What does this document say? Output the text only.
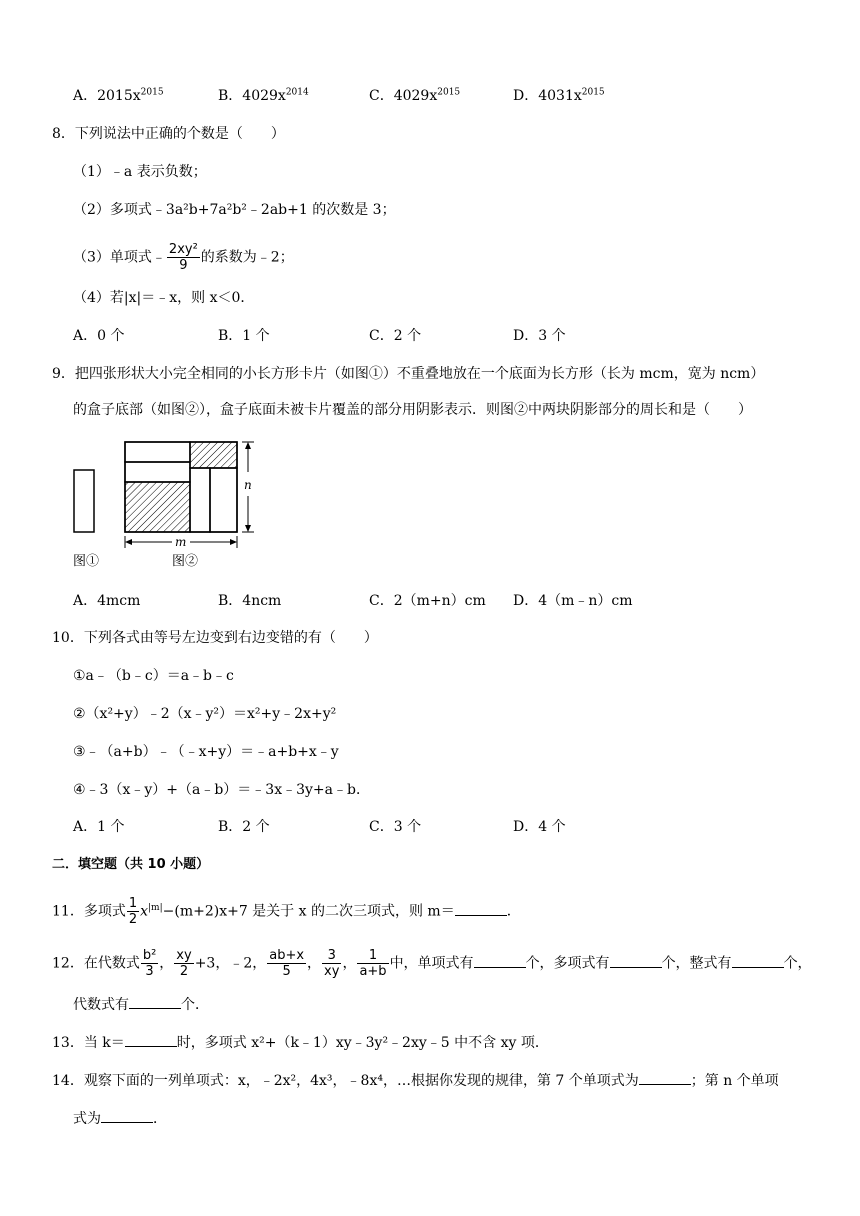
A．$2015x^{2015}$	B．$4029x^{2014}$	C．$4029x^{2015}$	D．$4031x^{2015}$
8．下列说法中正确的个数是（　　）
（1）﹣a 表示负数；
（2）多项式﹣3a²b+7a²b²﹣2ab+1 的次数是 3；
（3）单项式﹣ $\frac{\text{2xy²}}{9}$ 的系数为﹣2；
（4）若|x|＝﹣x，则 x＜0．
A．0 个	B．1 个	C．2 个	D．3 个
9．把四张形状大小完全相同的小长方形卡片（如图①）不重叠地放在一个底面为长方形（长为 mcm，宽为 ncm）
的盒子底部（如图②），盒子底面未被卡片覆盖的部分用阴影表示．则图②中两块阴影部分的周长和是（　　）
n
m
图①	图②
A．4mcm	B．4ncm	C．2（m+n）cm D．4（m﹣n）cm
10．下列各式由等号左边变到右边变错的有（　　）
①a﹣（b﹣c）＝a﹣b﹣c
②（x²+y）﹣2（x﹣y²）＝x²+y﹣2x+y²
③﹣（a+b）﹣（﹣x+y）＝﹣a+b+x﹣y
④﹣3（x﹣y）+（a﹣b）＝﹣3x﹣3y+a﹣b．
A．1 个	B．2 个	C．3 个	D．4 个
二．填空题（共 10 小题）
11．多项式 $\frac{1}{2} x^{|m|}-(m+2)x+7$ 是关于 x 的二次三项式，则 m＝	．
12．在代数式 $\frac{\text{b²}}{3}$ ， $\frac{xy}{2} +3$，﹣2， $\frac{ab+x}{5}$ ， $\frac{3}{xy}$ ， $\frac{1}{a+b}$ 中，单项式有	个，多项式有	个，整式有	个，
代数式有	个．
13．当 k＝	时，多项式 x²+（k﹣1）xy﹣3y²﹣2xy﹣5 中不含 xy 项．
14．观察下面的一列单项式：x，﹣2x²，4x³，﹣8x⁴，…根据你发现的规律，第 7 个单项式为	；第 n 个单项
式为	．
